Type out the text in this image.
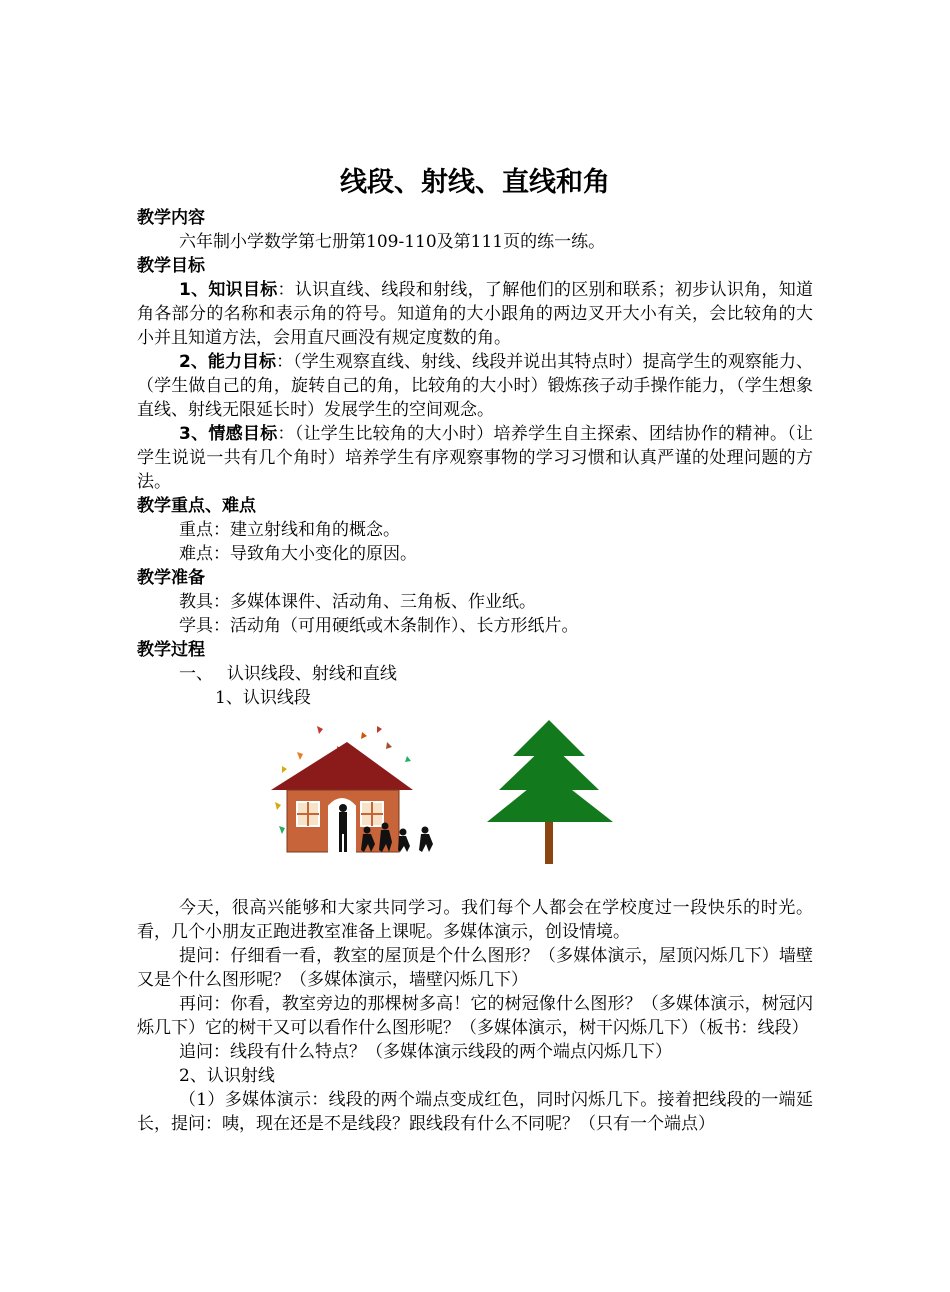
线段、射线、直线和角
教学内容

六年制小学数学第七册第109-110及第111页的练一练。

教学目标

1、知识目标：认识直线、线段和射线，了解他们的区别和联系；初步认识角，知道角各部分的名称和表示角的符号。知道角的大小跟角的两边叉开大小有关，会比较角的大小并且知道方法，会用直尺画没有规定度数的角。

2、能力目标：（学生观察直线、射线、线段并说出其特点时）提高学生的观察能力、（学生做自己的角，旋转自己的角，比较角的大小时）锻炼孩子动手操作能力，（学生想象直线、射线无限延长时）发展学生的空间观念。

3、情感目标：（让学生比较角的大小时）培养学生自主探索、团结协作的精神。（让学生说说一共有几个角时）培养学生有序观察事物的学习习惯和认真严谨的处理问题的方法。

教学重点、难点

重点：建立射线和角的概念。

难点：导致角大小变化的原因。

教学准备

教具：多媒体课件、活动角、三角板、作业纸。

学具：活动角（可用硬纸或木条制作）、长方形纸片。

教学过程

一、　 认识线段、射线和直线

1、认识线段

今天，很高兴能够和大家共同学习。我们每个人都会在学校度过一段快乐的时光。看，几个小朋友正跑进教室准备上课呢。多媒体演示，创设情境。

提问：仔细看一看，教室的屋顶是个什么图形？（多媒体演示，屋顶闪烁几下）墙壁又是个什么图形呢？（多媒体演示，墙壁闪烁几下）

再问：你看，教室旁边的那棵树多高！它的树冠像什么图形？（多媒体演示，树冠闪烁几下）它的树干又可以看作什么图形呢？（多媒体演示，树干闪烁几下）（板书：线段）

追问：线段有什么特点？（多媒体演示线段的两个端点闪烁几下）

2、认识射线

（1）多媒体演示：线段的两个端点变成红色，同时闪烁几下。接着把线段的一端延长，提问：咦，现在还是不是线段？跟线段有什么不同呢？（只有一个端点）
